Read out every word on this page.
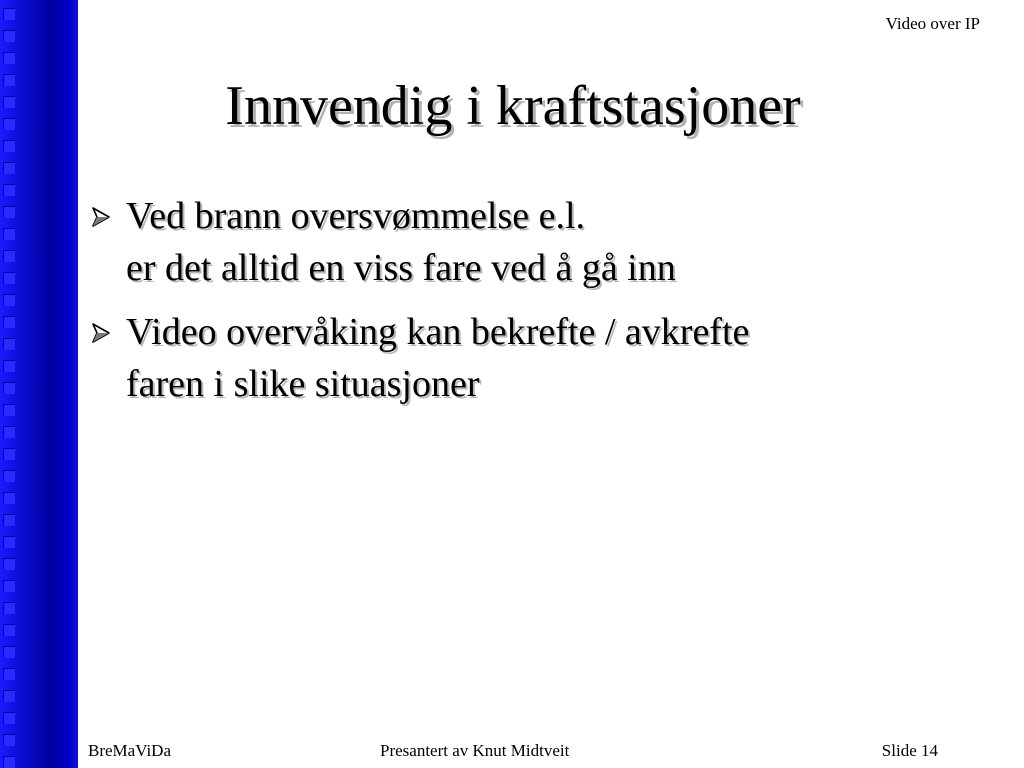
Video over IP
Innvendig i kraftstasjoner
Ved brann oversvømmelse e.l.
er det alltid en viss fare ved å gå inn
Video overvåking kan bekrefte / avkrefte
faren i slike situasjoner
BreMaViDa	Presantert av Knut Midtveit	Slide 14
